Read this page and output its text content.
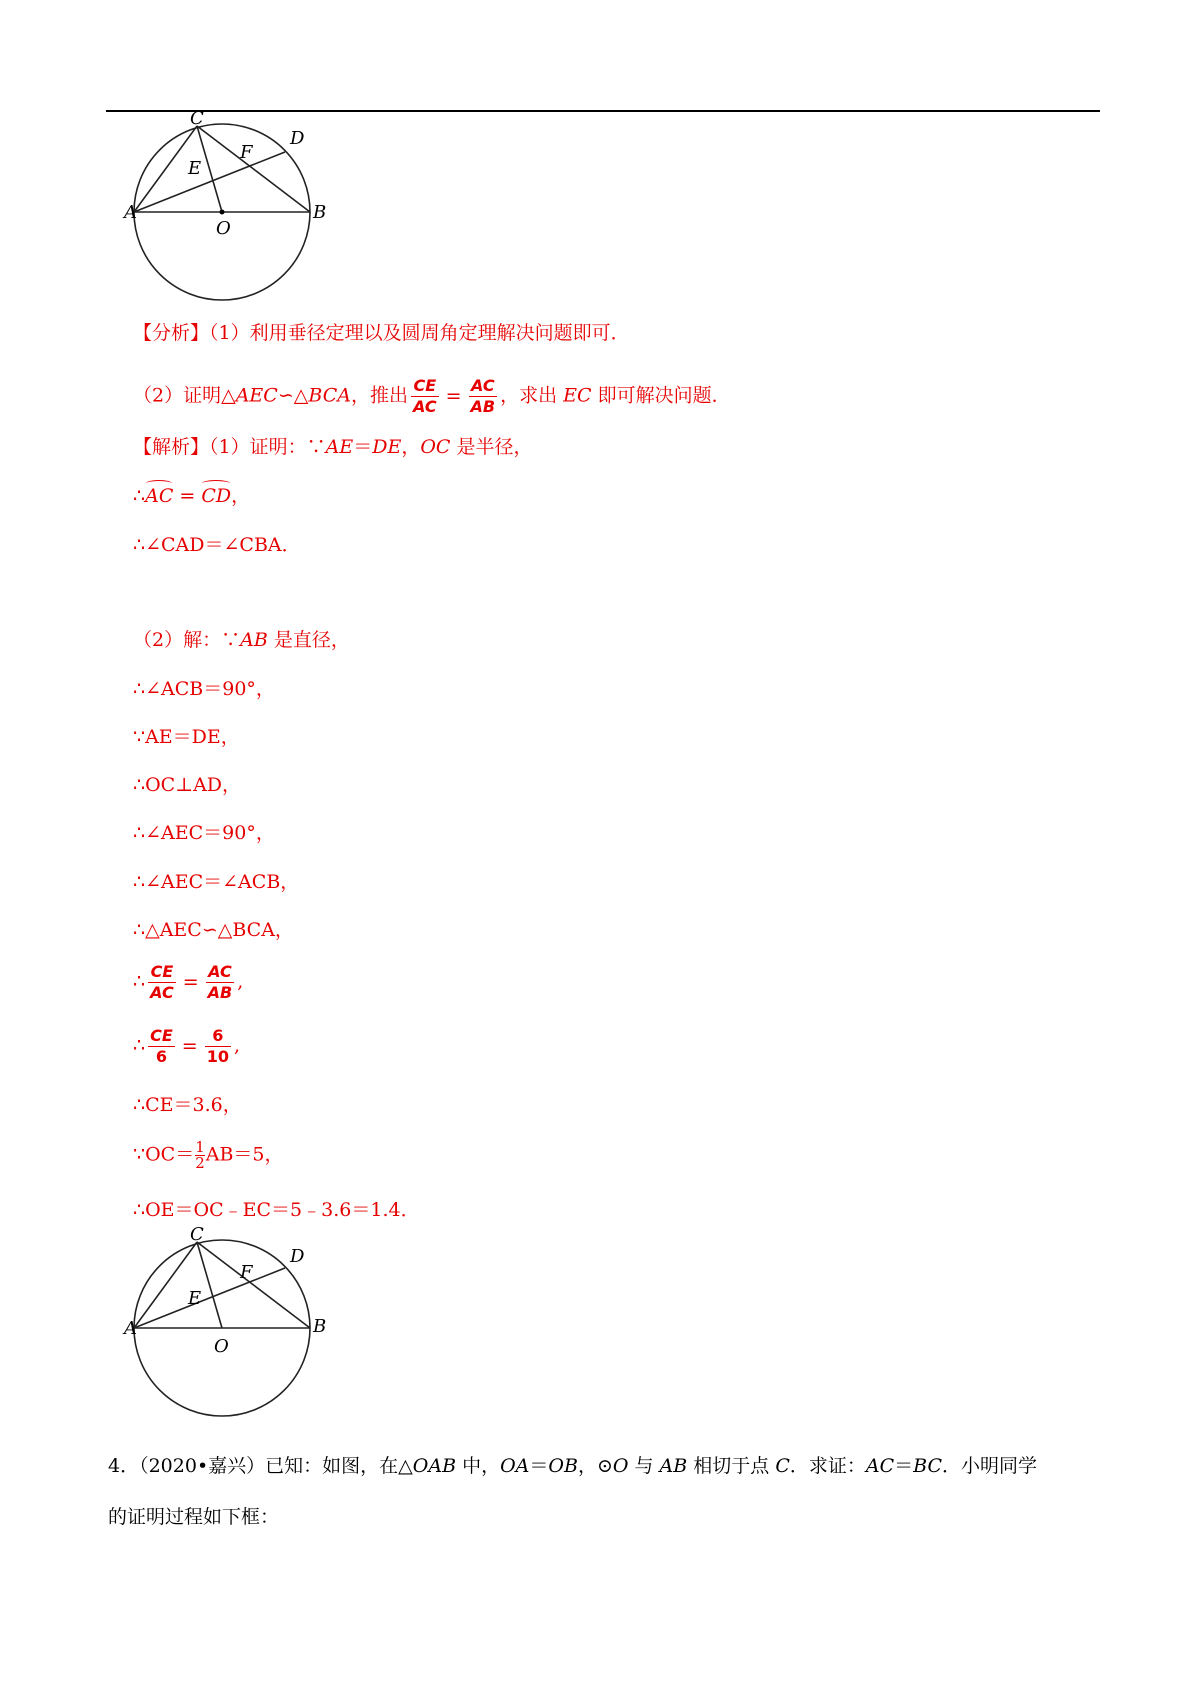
C
D
F
E
A
O
B
【分析】（1）利用垂径定理以及圆周角定理解决问题即可．
（2）证明△AEC∽△BCA，推出 $\frac{CE}{AC} = \frac{AC}{AB}$ ，求出 EC 即可解决问题．
【解析】（1）证明：∵AE＝DE，OC 是半径，
∴AC = CD，
∴∠CAD＝∠CBA．
（2）解：∵AB 是直径，
∴∠ACB＝90°，
∵AE＝DE，
∴OC⊥AD，
∴∠AEC＝90°，
∴∠AEC＝∠ACB，
∴△AEC∽△BCA，
∴ $\frac{CE}{AC} = \frac{AC}{AB}$ ,
∴ $\frac{CE}{6} = \frac{6}{10}$ ,
∴CE＝3.6，
∵OC＝ $\frac{1}{2}AB=5$，
∴OE＝OC﹣EC＝5﹣3.6＝1.4．
C
D
F
E
A
O
B
4．（2020•嘉兴）已知：如图，在△OAB 中，OA＝OB，⊙O 与 AB 相切于点 C．求证：AC＝BC．小明同学
的证明过程如下框：
